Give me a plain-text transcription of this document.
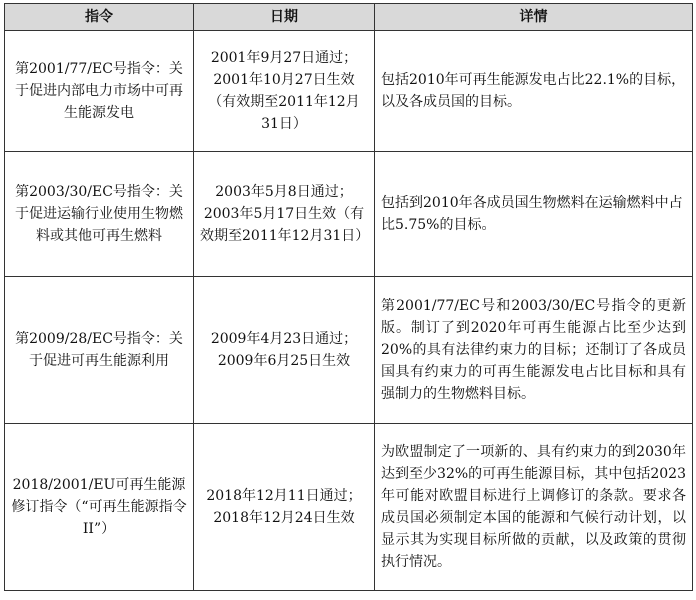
指令	日期	详情
第2001/77/EC号指令：关于促进内部电力市场中可再生能源发电	2001年9月27日通过；2001年10月27日生效（有效期至2011年12月31日）	包括2010年可再生能源发电占比22.1%的目标，以及各成员国的目标。
第2003/30/EC号指令：关于促进运输行业使用生物燃料或其他可再生燃料	2003年5月8日通过；2003年5月17日生效（有效期至2011年12月31日）	包括到2010年各成员国生物燃料在运输燃料中占比5.75%的目标。
第2009/28/EC号指令：关于促进可再生能源利用	2009年4月23日通过；2009年6月25日生效	第2001/77/EC号和2003/30/EC号指令的更新版。制订了到2020年可再生能源占比至少达到20%的具有法律约束力的目标；还制订了各成员国具有约束力的可再生能源发电占比目标和具有强制力的生物燃料目标。
2018/2001/EU可再生能源修订指令（“可再生能源指令II”）	2018年12月11日通过；2018年12月24日生效	为欧盟制定了一项新的、具有约束力的到2030年达到至少32%的可再生能源目标，其中包括2023年可能对欧盟目标进行上调修订的条款。要求各成员国必须制定本国的能源和气候行动计划，以显示其为实现目标所做的贡献，以及政策的贯彻执行情况。
